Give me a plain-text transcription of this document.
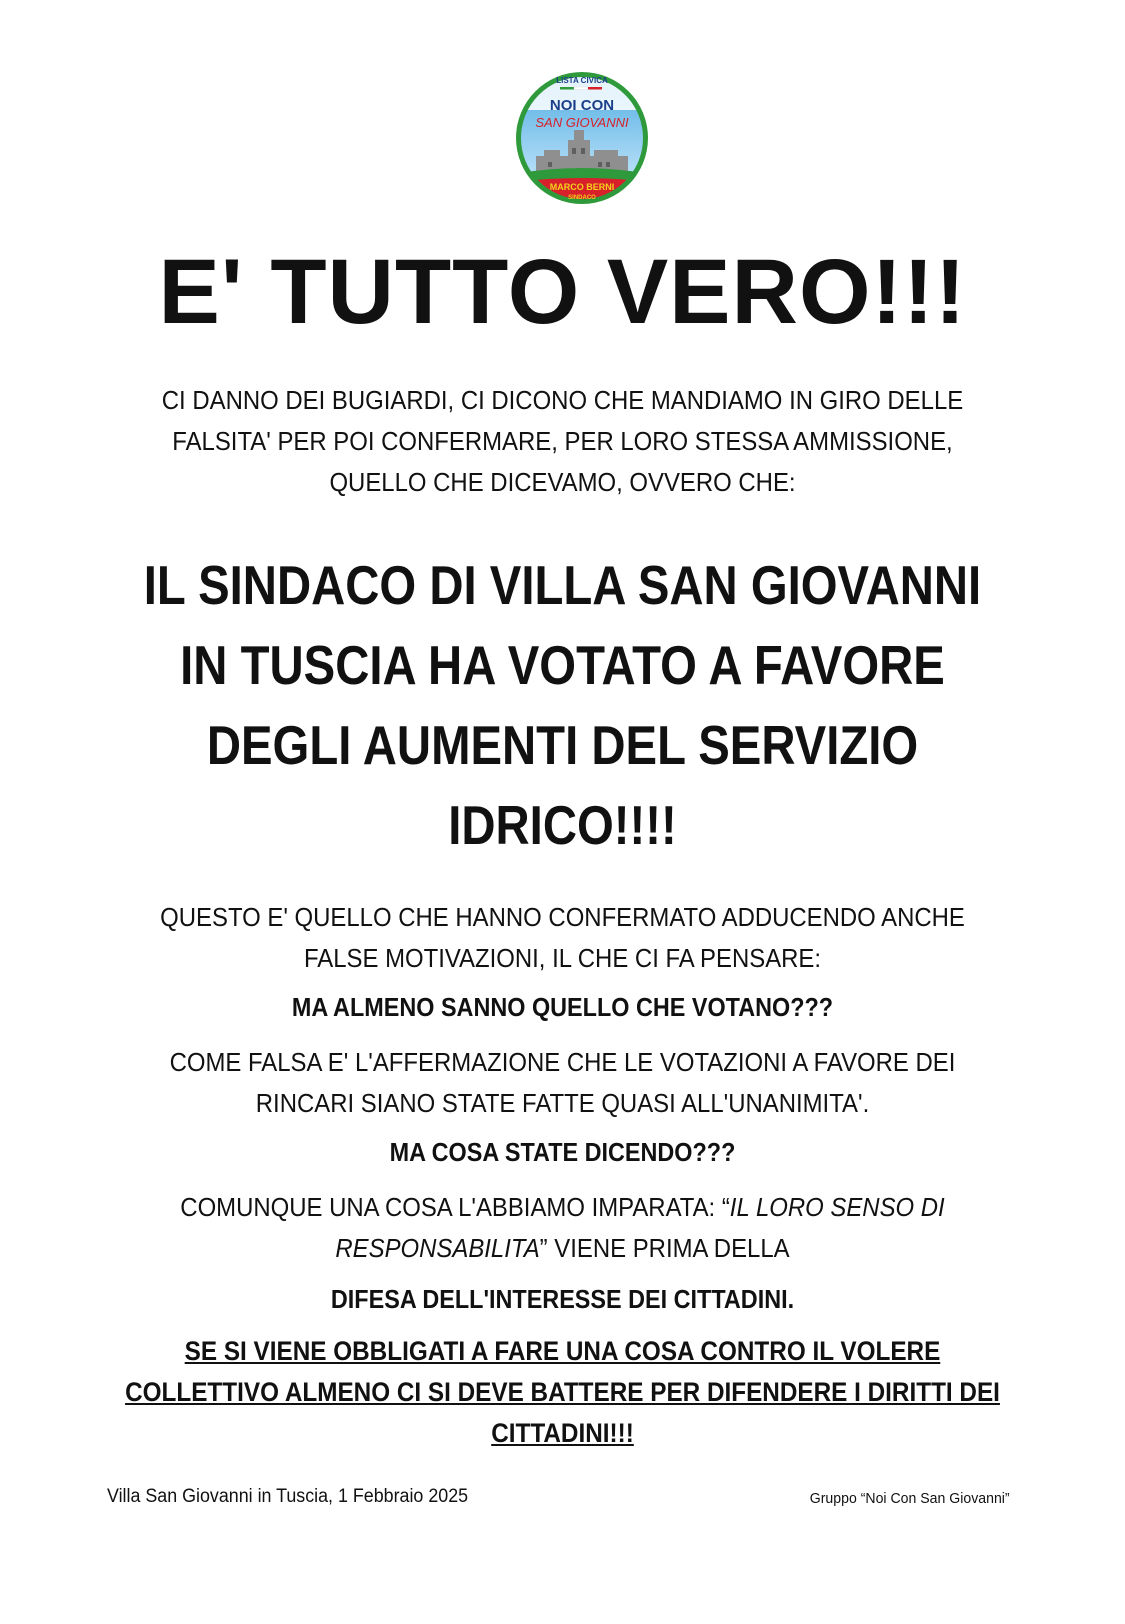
LISTA CIVICA
NOI CON
SAN GIOVANNI
MARCO BERNI
SINDACO
E' TUTTO VERO!!!
CI DANNO DEI BUGIARDI, CI DICONO CHE MANDIAMO IN GIRO DELLE
FALSITA' PER POI CONFERMARE, PER LORO STESSA AMMISSIONE,
QUELLO CHE DICEVAMO, OVVERO CHE:
IL SINDACO DI VILLA SAN GIOVANNI
IN TUSCIA HA VOTATO A FAVORE
DEGLI AUMENTI DEL SERVIZIO
IDRICO!!!!
QUESTO E' QUELLO CHE HANNO CONFERMATO ADDUCENDO ANCHE
FALSE MOTIVAZIONI, IL CHE CI FA PENSARE:
MA ALMENO SANNO QUELLO CHE VOTANO???
COME FALSA E' L'AFFERMAZIONE CHE LE VOTAZIONI A FAVORE DEI
RINCARI SIANO STATE FATTE QUASI ALL'UNANIMITA'.
MA COSA STATE DICENDO???
COMUNQUE UNA COSA L'ABBIAMO IMPARATA: “IL LORO SENSO DI
RESPONSABILITA” VIENE PRIMA DELLA
DIFESA DELL'INTERESSE DEI CITTADINI.
SE SI VIENE OBBLIGATI A FARE UNA COSA CONTRO IL VOLERE
COLLETTIVO ALMENO CI SI DEVE BATTERE PER DIFENDERE I DIRITTI DEI
CITTADINI!!!
Villa San Giovanni in Tuscia, 1 Febbraio 2025	Gruppo “Noi Con San Giovanni”
